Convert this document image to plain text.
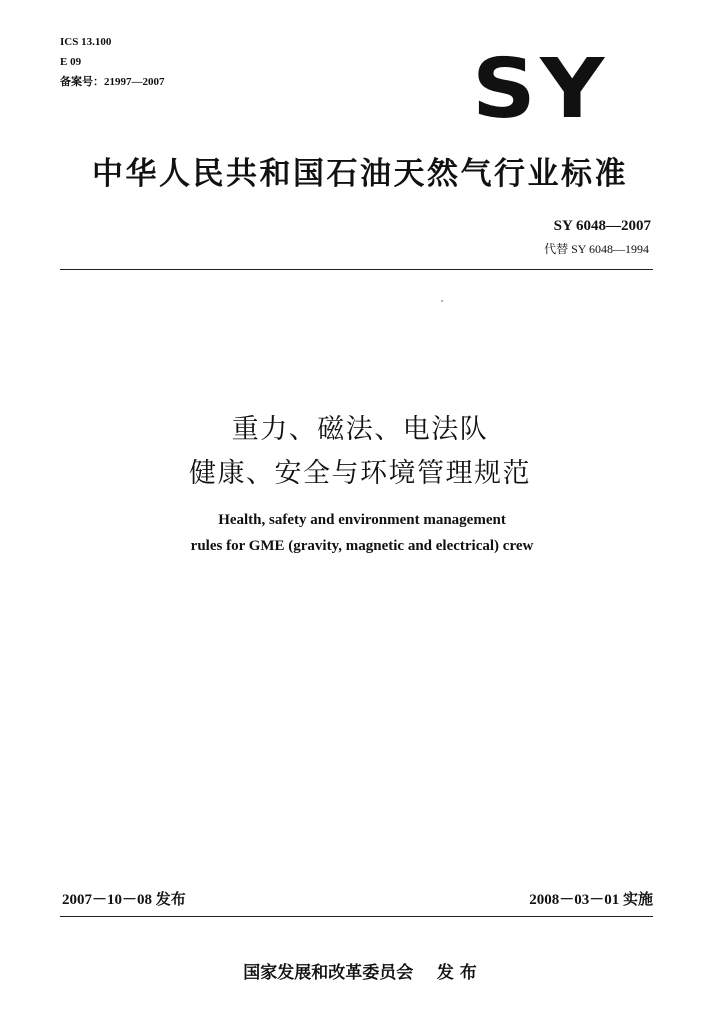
ICS 13.100
E 09
备案号：21997—2007	SY
中华人民共和国石油天然气行业标准
SY 6048—2007
代替 SY 6048—1994
重力、磁法、电法队
健康、安全与环境管理规范
Health, safety and environment management
rules for GME (gravity, magnetic and electrical) crew
2007－10－08 发布	2008－03－01 实施
国家发展和改革委员会    发 布
